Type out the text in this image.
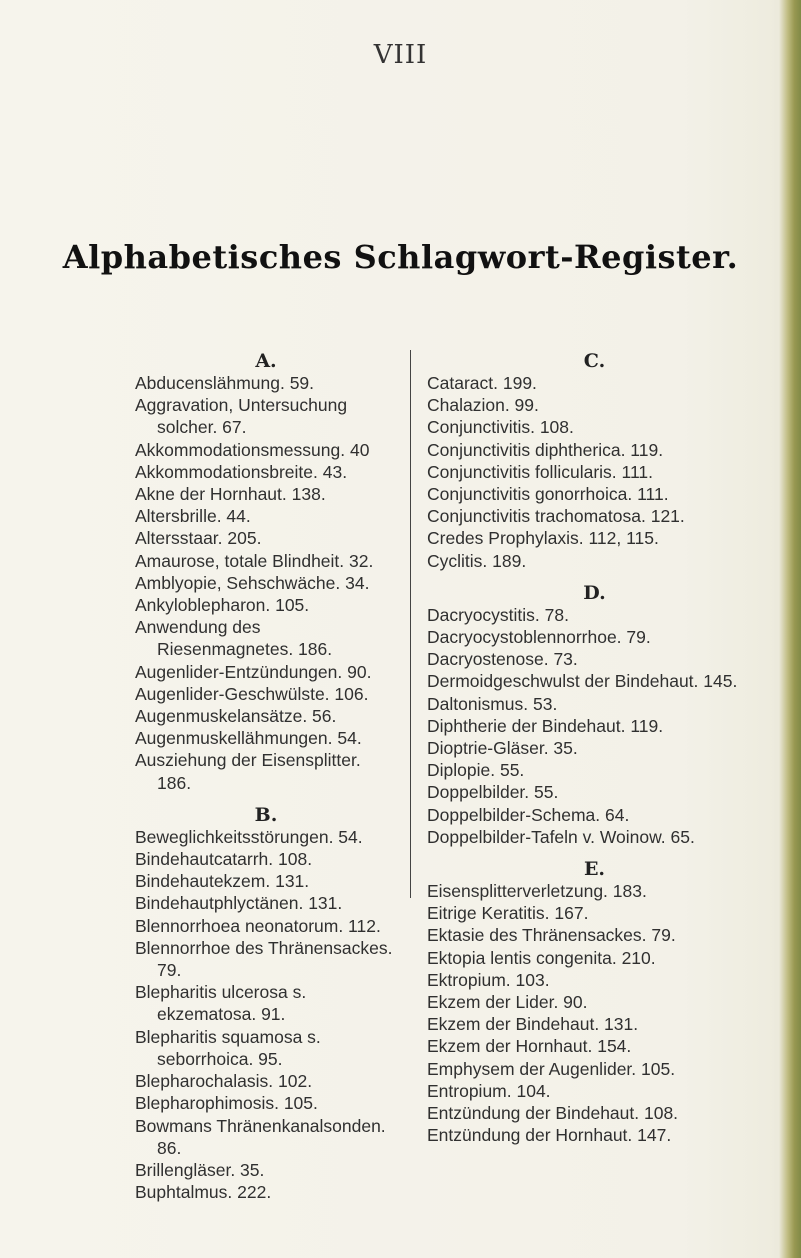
VIII
Alphabetisches Schlagwort-Register.
A.
Abducenslähmung. 59.
Aggravation, Untersuchung solcher. 67.
Akkommodationsmessung. 40
Akkommodationsbreite. 43.
Akne der Hornhaut. 138.
Altersbrille. 44.
Altersstaar. 205.
Amaurose, totale Blindheit. 32.
Amblyopie, Sehschwäche. 34.
Ankyloblepharon. 105.
Anwendung des Riesenmagnetes. 186.
Augenlider-Entzündungen. 90.
Augenlider-Geschwülste. 106.
Augenmuskelansätze. 56.
Augenmuskellähmungen. 54.
Ausziehung der Eisensplitter. 186.
B.
Beweglichkeitsstörungen. 54.
Bindehautcatarrh. 108.
Bindehautekzem. 131.
Bindehautphlyctänen. 131.
Blennorrhoea neonatorum. 112.
Blennorrhoe des Thränensackes. 79.
Blepharitis ulcerosa s. ekzematosa. 91.
Blepharitis squamosa s. seborrhoica. 95.
Blepharochalasis. 102.
Blepharophimosis. 105.
Bowmans Thränenkanalsonden. 86.
Brillengläser. 35.
Buphtalmus. 222.
C.
Cataract. 199.
Chalazion. 99.
Conjunctivitis. 108.
Conjunctivitis diphtherica. 119.
Conjunctivitis follicularis. 111.
Conjunctivitis gonorrhoica. 111.
Conjunctivitis trachomatosa. 121.
Credes Prophylaxis. 112, 115.
Cyclitis. 189.
D.
Dacryocystitis. 78.
Dacryocystoblennorrhoe. 79.
Dacryostenose. 73.
Dermoidgeschwulst der Bindehaut. 145.
Daltonismus. 53.
Diphtherie der Bindehaut. 119.
Dioptrie-Gläser. 35.
Diplopie. 55.
Doppelbilder. 55.
Doppelbilder-Schema. 64.
Doppelbilder-Tafeln v. Woinow. 65.
E.
Eisensplitterverletzung. 183.
Eitrige Keratitis. 167.
Ektasie des Thränensackes. 79.
Ektopia lentis congenita. 210.
Ektropium. 103.
Ekzem der Lider. 90.
Ekzem der Bindehaut. 131.
Ekzem der Hornhaut. 154.
Emphysem der Augenlider. 105.
Entropium. 104.
Entzündung der Bindehaut. 108.
Entzündung der Hornhaut. 147.
